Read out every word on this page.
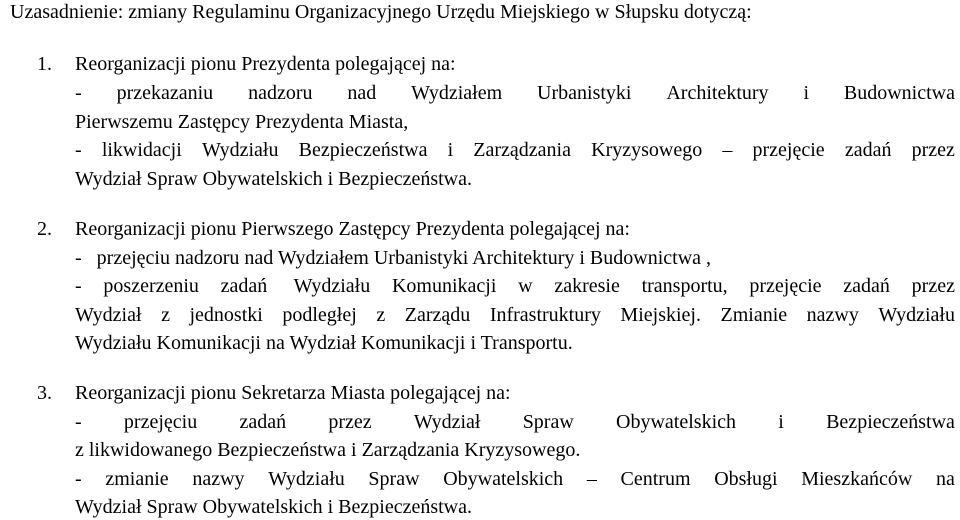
Uzasadnienie: zmiany Regulaminu Organizacyjnego Urzędu Miejskiego w Słupsku dotyczą:
1. Reorganizacji pionu Prezydenta polegającej na:
- przekazaniu nadzoru nad Wydziałem Urbanistyki Architektury i Budownictwa
Pierwszemu Zastępcy Prezydenta Miasta,
- likwidacji Wydziału Bezpieczeństwa i Zarządzania Kryzysowego – przejęcie zadań przez
Wydział Spraw Obywatelskich i Bezpieczeństwa.
2. Reorganizacji pionu Pierwszego Zastępcy Prezydenta polegającej na:
-   przejęciu nadzoru nad Wydziałem Urbanistyki Architektury i Budownictwa ,
- poszerzeniu zadań Wydziału Komunikacji w zakresie transportu, przejęcie zadań przez
Wydział z jednostki podległej z Zarządu Infrastruktury Miejskiej. Zmianie nazwy Wydziału
Wydziału Komunikacji na Wydział Komunikacji i Transportu.
3. Reorganizacji pionu Sekretarza Miasta polegającej na:
- przejęciu zadań przez Wydział Spraw Obywatelskich i Bezpieczeństwa
z likwidowanego Bezpieczeństwa i Zarządzania Kryzysowego.
- zmianie nazwy Wydziału Spraw Obywatelskich – Centrum Obsługi Mieszkańców na
Wydział Spraw Obywatelskich i Bezpieczeństwa.
